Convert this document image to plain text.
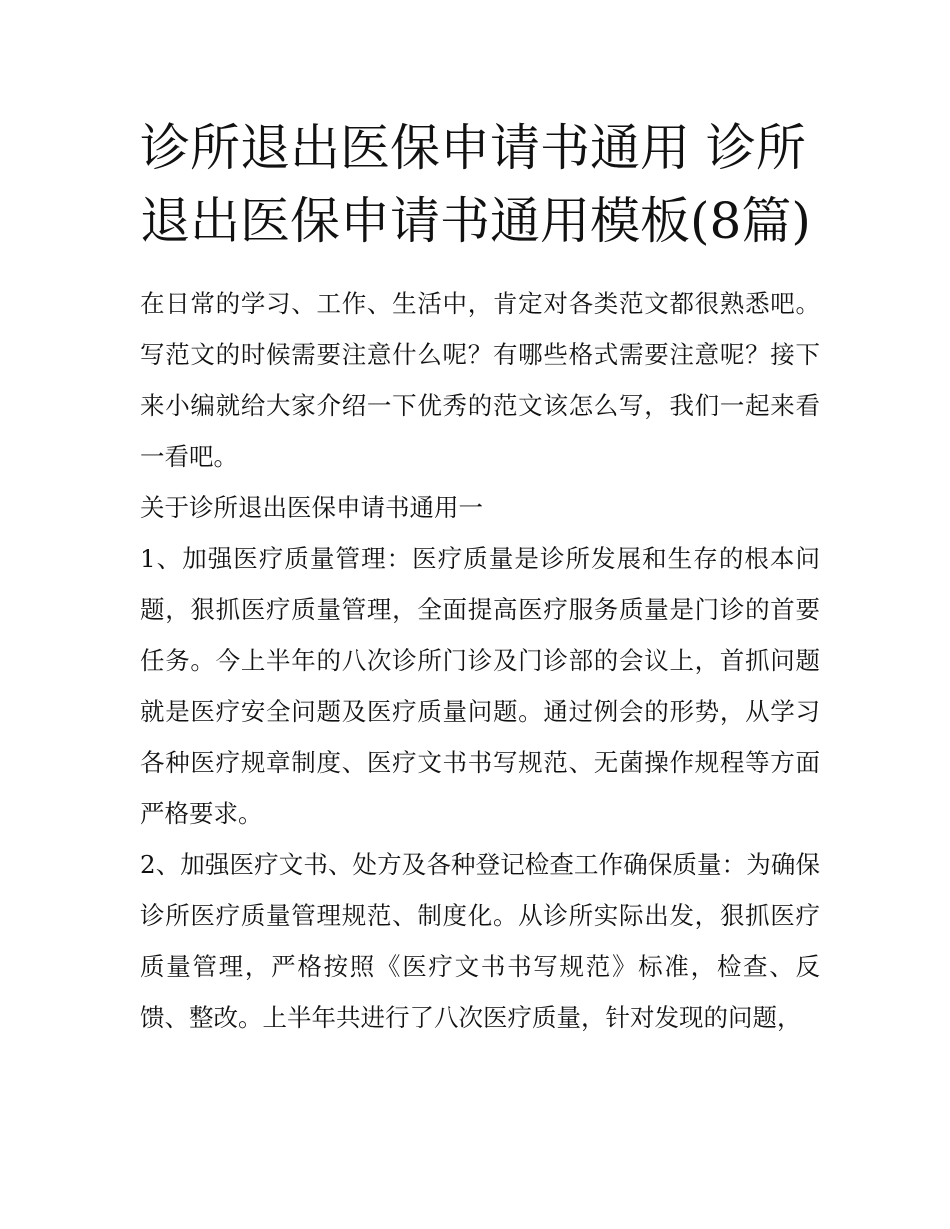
诊所退出医保申请书通用 诊所退出医保申请书通用模板(8篇)

在日常的学习、工作、生活中，肯定对各类范文都很熟悉吧。写范文的时候需要注意什么呢？有哪些格式需要注意呢？接下来小编就给大家介绍一下优秀的范文该怎么写，我们一起来看一看吧。

关于诊所退出医保申请书通用一

1、加强医疗质量管理：医疗质量是诊所发展和生存的根本问题，狠抓医疗质量管理，全面提高医疗服务质量是门诊的首要任务。今上半年的八次诊所门诊及门诊部的会议上，首抓问题就是医疗安全问题及医疗质量问题。通过例会的形势，从学习各种医疗规章制度、医疗文书书写规范、无菌操作规程等方面严格要求。

2、加强医疗文书、处方及各种登记检查工作确保质量：为确保诊所医疗质量管理规范、制度化。从诊所实际出发，狠抓医疗质量管理，严格按照《医疗文书书写规范》标准，检查、反馈、整改。上半年共进行了八次医疗质量，针对发现的问题，
